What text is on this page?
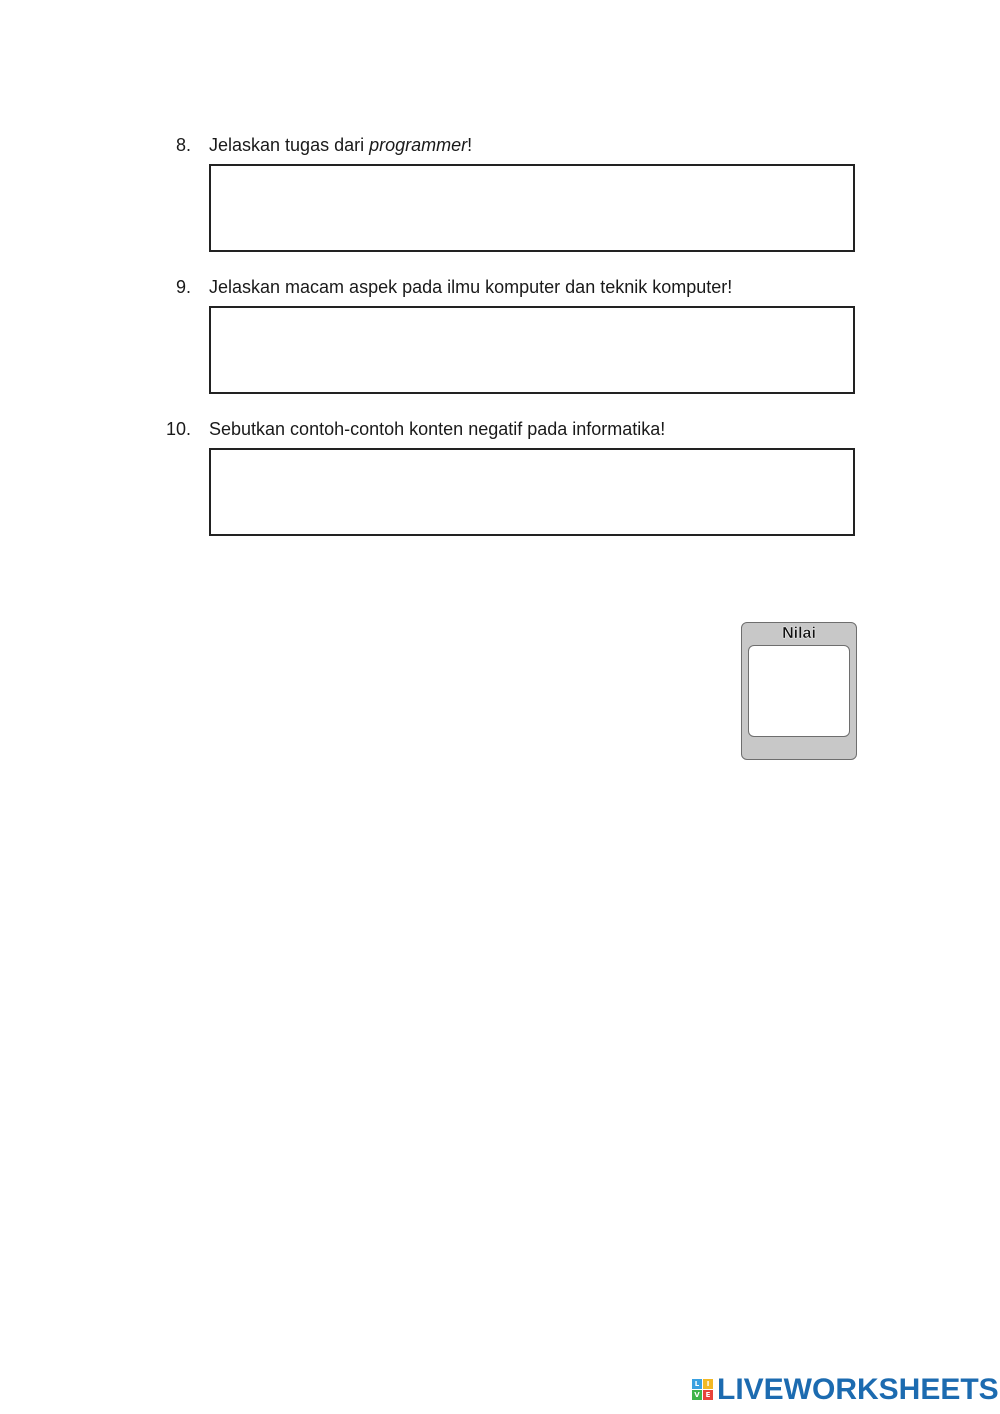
8. Jelaskan tugas dari programmer!
9. Jelaskan macam aspek pada ilmu komputer dan teknik komputer!
10. Sebutkan contoh-contoh konten negatif pada informatika!
Nilai
L	I
V E LIVEWORKSHEETS
